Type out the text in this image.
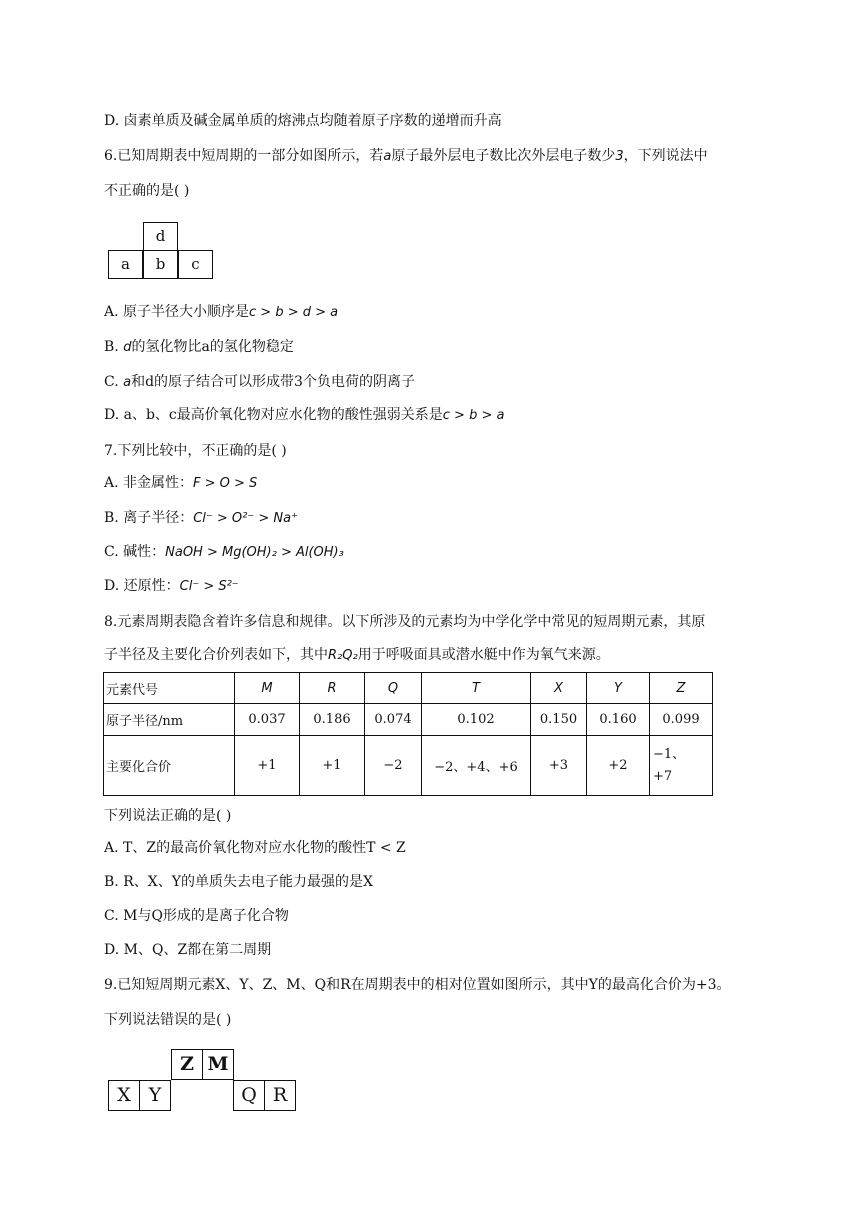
D. 卤素单质及碱金属单质的熔沸点均随着原子序数的递增而升高
6.已知周期表中短周期的一部分如图所示，若a原子最外层电子数比次外层电子数少3，下列说法中
不正确的是( )
d
a	b	c
A. 原子半径大小顺序是c > b > d > a
B. d的氢化物比a的氢化物稳定
C. a和d的原子结合可以形成带3个负电荷的阴离子
D. a、b、c最高价氧化物对应水化物的酸性强弱关系是c > b > a
7.下列比较中，不正确的是( )
A. 非金属性：F > O > S
B. 离子半径：Cl⁻ > O²⁻ > Na⁺
C. 碱性：NaOH > Mg(OH)₂ > Al(OH)₃
D. 还原性：Cl⁻ > S²⁻
8.元素周期表隐含着许多信息和规律。以下所涉及的元素均为中学化学中常见的短周期元素，其原
子半径及主要化合价列表如下，其中R₂Q₂用于呼吸面具或潜水艇中作为氧气来源。
元素代号	M	R	Q	T	X	Y	Z
原子半径/nm	0.037	0.186	0.074	0.102	0.150	0.160	0.099
主要化合价	+1	+1	−2	−2、+4、+6	+3	+2	−1、
+7
下列说法正确的是( )
A. T、Z的最高价氧化物对应水化物的酸性T < Z
B. R、X、Y的单质失去电子能力最强的是X
C. M与Q形成的是离子化合物
D. M、Q、Z都在第二周期
9.已知短周期元素X、Y、Z、M、Q和R在周期表中的相对位置如图所示，其中Y的最高化合价为+3。
下列说法错误的是( )
Z M
X Y	Q R
